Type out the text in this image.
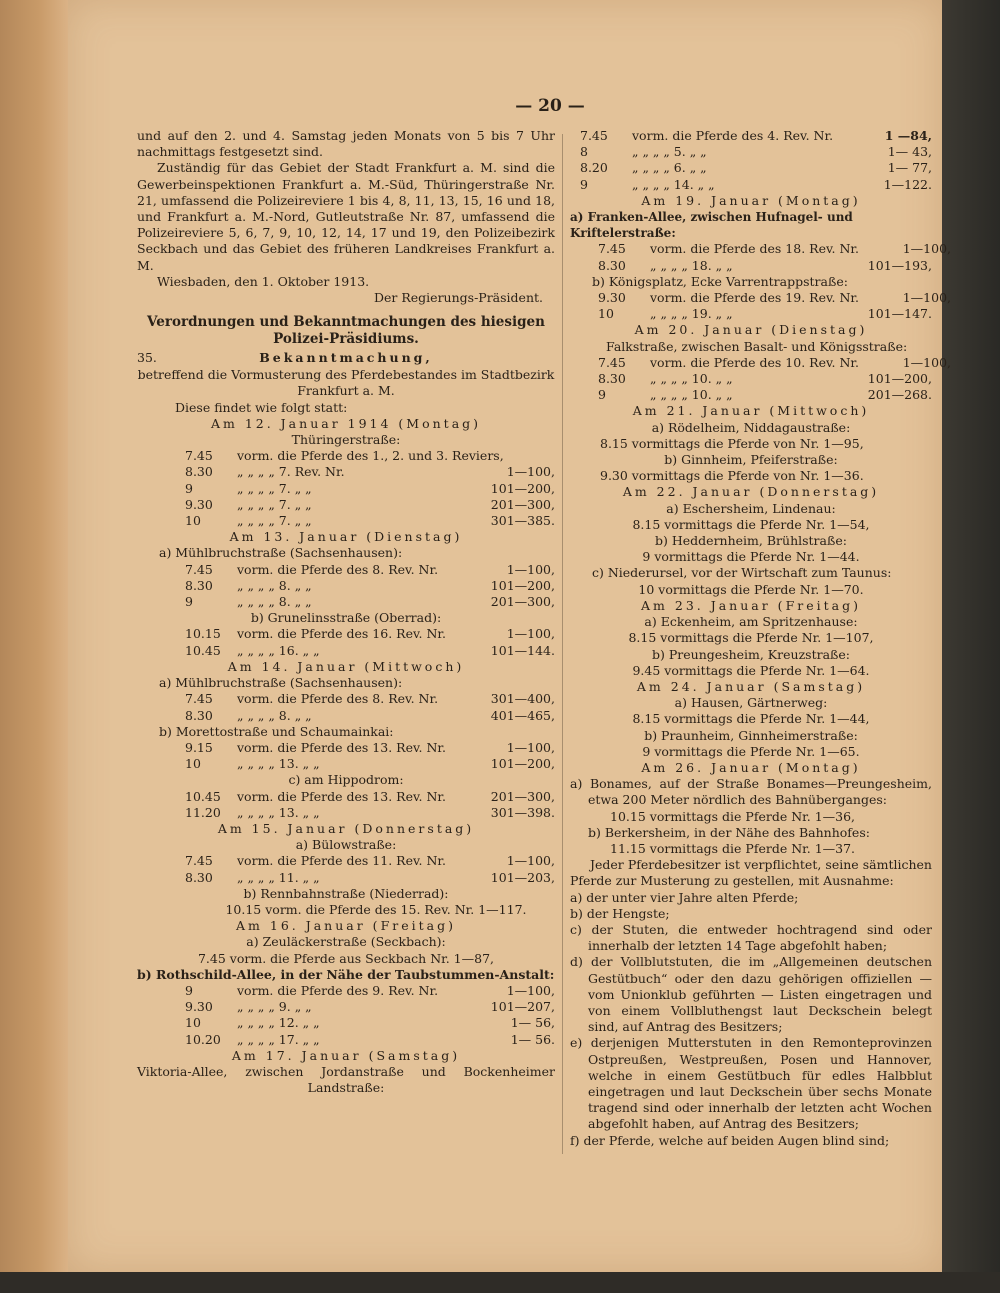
— 20 —

und auf den 2. und 4. Samstag jeden Monats von 5 bis 7 Uhr nachmittags festgesetzt sind.

Zuständig für das Gebiet der Stadt Frankfurt a. M. sind die Gewerbeinspektionen Frankfurt a. M.-Süd, Thüringerstraße Nr. 21, umfassend die Polizeireviere 1 bis 4, 8, 11, 13, 15, 16 und 18, und Frankfurt a. M.-Nord, Gutleutstraße Nr. 87, umfassend die Polizeireviere 5, 6, 7, 9, 10, 12, 14, 17 und 19, den Polizeibezirk Seckbach und das Gebiet des früheren Landkreises Frankfurt a. M.

Wiesbaden, den 1. Oktober 1913.

Der Regierungs-Präsident.

Verordnungen und Bekanntmachungen des hiesigen Polizei-Präsidiums.

35.	Bekanntmachung,

betreffend die Vormusterung des Pferdebestandes im Stadtbezirk Frankfurt a. M.

Diese findet wie folgt statt:

Am 12. Januar 1914 (Montag)

Thüringerstraße:

7.45	vorm. die Pferde des 1., 2. und 3. Reviers,
8.30	„ „ „ „ 7. Rev. Nr.	1—100,
9	„ „ „ „ 7. „ „	101—200,
9.30	„ „ „ „ 7. „ „	201—300,
10	„ „ „ „ 7. „ „	301—385.

Am 13. Januar (Dienstag)

a) Mühlbruchstraße (Sachsenhausen):

7.45	vorm. die Pferde des 8. Rev. Nr.	1—100,
8.30	„ „ „ „ 8. „ „	101—200,
9	„ „ „ „ 8. „ „	201—300,

b) Grunelinsstraße (Oberrad):

10.15	vorm. die Pferde des 16. Rev. Nr.	1—100,
10.45	„ „ „ „ 16. „ „	101—144.

Am 14. Januar (Mittwoch)

a) Mühlbruchstraße (Sachsenhausen):

7.45	vorm. die Pferde des 8. Rev. Nr.	301—400,
8.30	„ „ „ „ 8. „ „	401—465,

b) Morettostraße und Schaumainkai:

9.15	vorm. die Pferde des 13. Rev. Nr.	1—100,
10	„ „ „ „ 13. „ „	101—200,

c) am Hippodrom:

10.45	vorm. die Pferde des 13. Rev. Nr.	201—300,
11.20	„ „ „ „ 13. „ „	301—398.

Am 15. Januar (Donnerstag)

a) Bülowstraße:

7.45	vorm. die Pferde des 11. Rev. Nr.	1—100,
8.30	„ „ „ „ 11. „ „	101—203,

b) Rennbahnstraße (Niederrad):

10.15 vorm. die Pferde des 15. Rev. Nr. 1—117.

Am 16. Januar (Freitag)

a) Zeuläckerstraße (Seckbach):

7.45 vorm. die Pferde aus Seckbach Nr. 1—87,

b) Rothschild-Allee, in der Nähe der Taubstummen-Anstalt:

9	vorm. die Pferde des 9. Rev. Nr.	1—100,
9.30	„ „ „ „ 9. „ „	101—207,
10	„ „ „ „ 12. „ „	1— 56,
10.20	„ „ „ „ 17. „ „	1— 56.

Am 17. Januar (Samstag)

Viktoria-Allee, zwischen Jordanstraße und Bockenheimer Landstraße:

7.45	vorm. die Pferde des 4. Rev. Nr.	1 —84,
8	„ „ „ „ 5. „ „	1— 43,
8.20	„ „ „ „ 6. „ „	1— 77,
9	„ „ „ „ 14. „ „	1—122.

Am 19. Januar (Montag)

a) Franken-Allee, zwischen Hufnagel- und Kriftelerstraße:

7.45	vorm. die Pferde des 18. Rev. Nr.	1—100,
8.30	„ „ „ „ 18. „ „	101—193,

b) Königsplatz, Ecke Varrentrappstraße:

9.30	vorm. die Pferde des 19. Rev. Nr.	1—100,
10	„ „ „ „ 19. „ „	101—147.

Am 20. Januar (Dienstag)

Falkstraße, zwischen Basalt- und Königsstraße:

7.45	vorm. die Pferde des 10. Rev. Nr.	1—100,
8.30	„ „ „ „ 10. „ „	101—200,
9	„ „ „ „ 10. „ „	201—268.

Am 21. Januar (Mittwoch)

a) Rödelheim, Niddagaustraße:

8.15 vormittags die Pferde von Nr. 1—95,

b) Ginnheim, Pfeiferstraße:

9.30 vormittags die Pferde von Nr. 1—36.

Am 22. Januar (Donnerstag)

a) Eschersheim, Lindenau:

8.15 vormittags die Pferde Nr. 1—54,

b) Heddernheim, Brühlstraße:

9 vormittags die Pferde Nr. 1—44.

c) Niederursel, vor der Wirtschaft zum Taunus:

10 vormittags die Pferde Nr. 1—70.

Am 23. Januar (Freitag)

a) Eckenheim, am Spritzenhause:

8.15 vormittags die Pferde Nr. 1—107,

b) Preungesheim, Kreuzstraße:

9.45 vormittags die Pferde Nr. 1—64.

Am 24. Januar (Samstag)

a) Hausen, Gärtnerweg:

8.15 vormittags die Pferde Nr. 1—44,

b) Praunheim, Ginnheimerstraße:

9 vormittags die Pferde Nr. 1—65.

Am 26. Januar (Montag)

a) Bonames, auf der Straße Bonames—Preungesheim, etwa 200 Meter nördlich des Bahnüberganges:

10.15 vormittags die Pferde Nr. 1—36,

b) Berkersheim, in der Nähe des Bahnhofes:

11.15 vormittags die Pferde Nr. 1—37.

Jeder Pferdebesitzer ist verpflichtet, seine sämtlichen Pferde zur Musterung zu gestellen, mit Ausnahme:

a) der unter vier Jahre alten Pferde;

b) der Hengste;

c) der Stuten, die entweder hochtragend sind oder innerhalb der letzten 14 Tage abgefohlt haben;

d) der Vollblutstuten, die im „Allgemeinen deutschen Gestütbuch“ oder den dazu gehörigen offiziellen — vom Unionklub geführten — Listen eingetragen und von einem Vollbluthengst laut Deckschein belegt sind, auf Antrag des Besitzers;

e) derjenigen Mutterstuten in den Remonteprovinzen Ostpreußen, Westpreußen, Posen und Hannover, welche in einem Gestütbuch für edles Halbblut eingetragen und laut Deckschein über sechs Monate tragend sind oder innerhalb der letzten acht Wochen abgefohlt haben, auf Antrag des Besitzers;

f) der Pferde, welche auf beiden Augen blind sind;
